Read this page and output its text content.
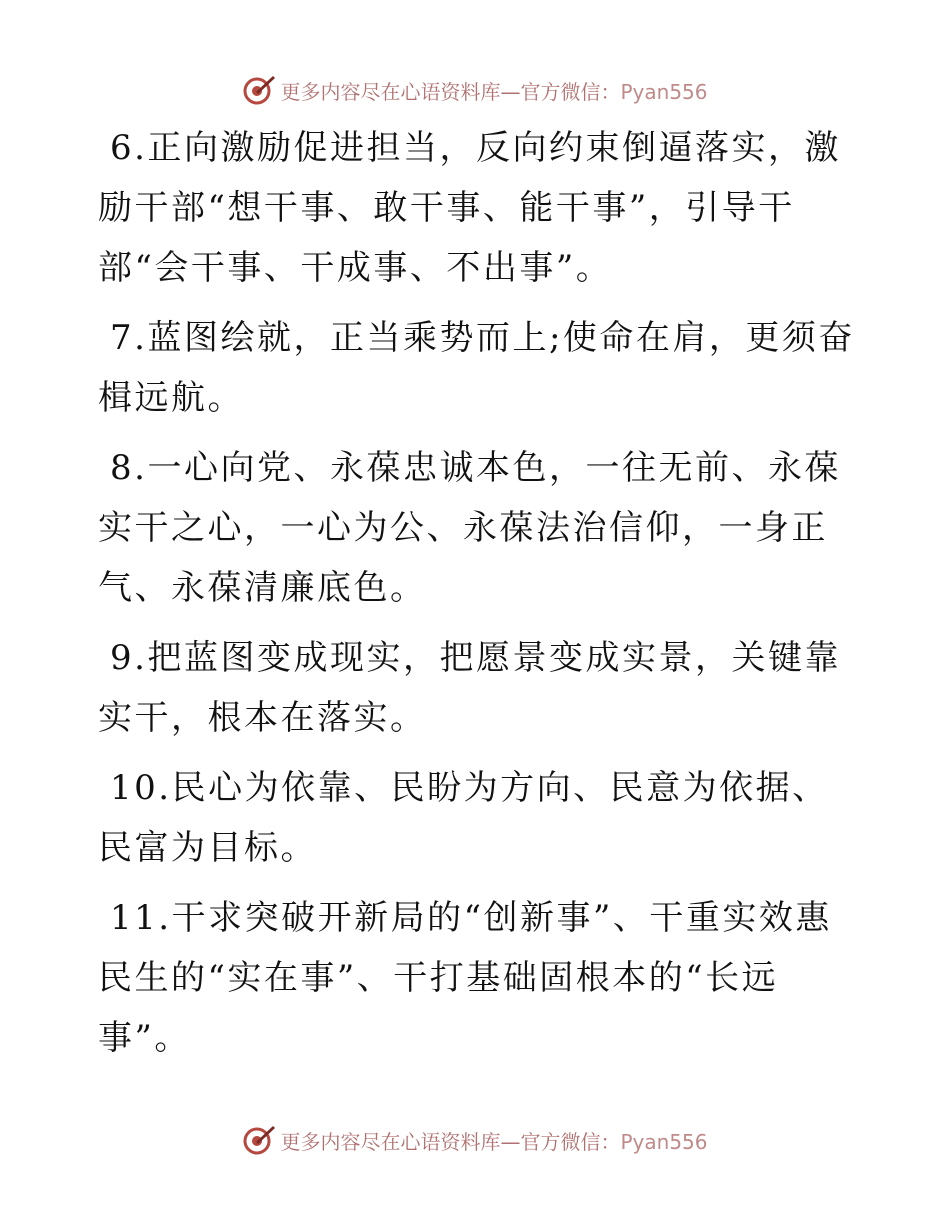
更多内容尽在心语资料库—官方微信：Pyan556

6.正向激励促进担当，反向约束倒逼落实，激励干部“想干事、敢干事、能干事”，引导干部“会干事、干成事、不出事”。

7.蓝图绘就，正当乘势而上;使命在肩，更须奋楫远航。

8.一心向党、永葆忠诚本色，一往无前、永葆实干之心，一心为公、永葆法治信仰，一身正气、永葆清廉底色。

9.把蓝图变成现实，把愿景变成实景，关键靠实干，根本在落实。

10.民心为依靠、民盼为方向、民意为依据、民富为目标。

11.干求突破开新局的“创新事”、干重实效惠民生的“实在事”、干打基础固根本的“长远事”。

更多内容尽在心语资料库—官方微信：Pyan556
